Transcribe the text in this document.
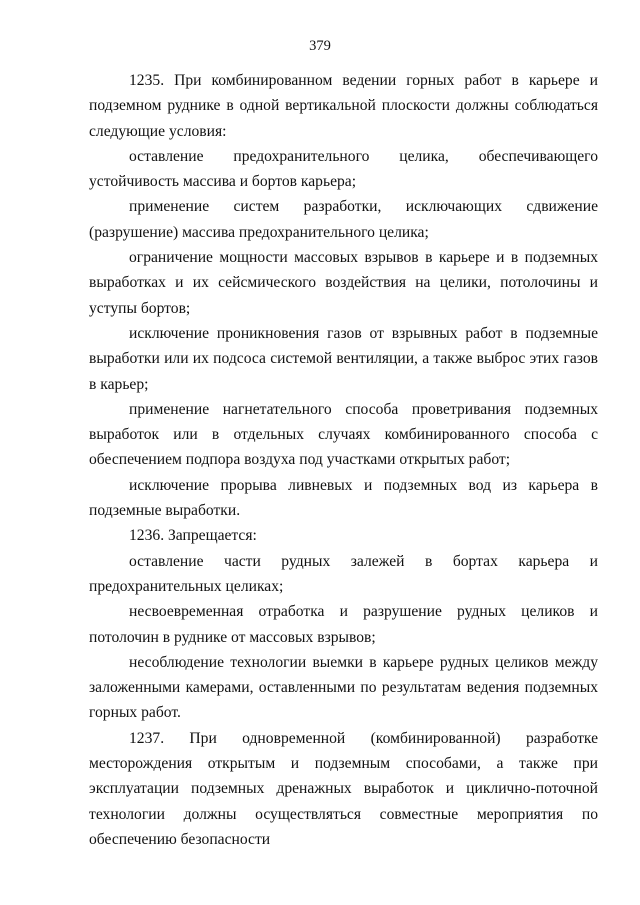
379

1235. При комбинированном ведении горных работ в карьере и подземном руднике в одной вертикальной плоскости должны соблюдаться следующие условия:

оставление предохранительного целика, обеспечивающего устойчивость массива и бортов карьера;

применение систем разработки, исключающих сдвижение (разрушение) массива предохранительного целика;

ограничение мощности массовых взрывов в карьере и в подземных выработках и их сейсмического воздействия на целики, потолочины и уступы бортов;

исключение проникновения газов от взрывных работ в подземные выработки или их подсоса системой вентиляции, а также выброс этих газов в карьер;

применение нагнетательного способа проветривания подземных выработок или в отдельных случаях комбинированного способа с обеспечением подпора воздуха под участками открытых работ;

исключение прорыва ливневых и подземных вод из карьера в подземные выработки.

1236. Запрещается:

оставление части рудных залежей в бортах карьера и предохранительных целиках;

несвоевременная отработка и разрушение рудных целиков и потолочин в руднике от массовых взрывов;

несоблюдение технологии выемки в карьере рудных целиков между заложенными камерами, оставленными по результатам ведения подземных горных работ.

1237. При одновременной (комбинированной) разработке месторождения открытым и подземным способами, а также при эксплуатации подземных дренажных выработок и циклично-поточной технологии должны осуществляться совместные мероприятия по обеспечению безопасности
